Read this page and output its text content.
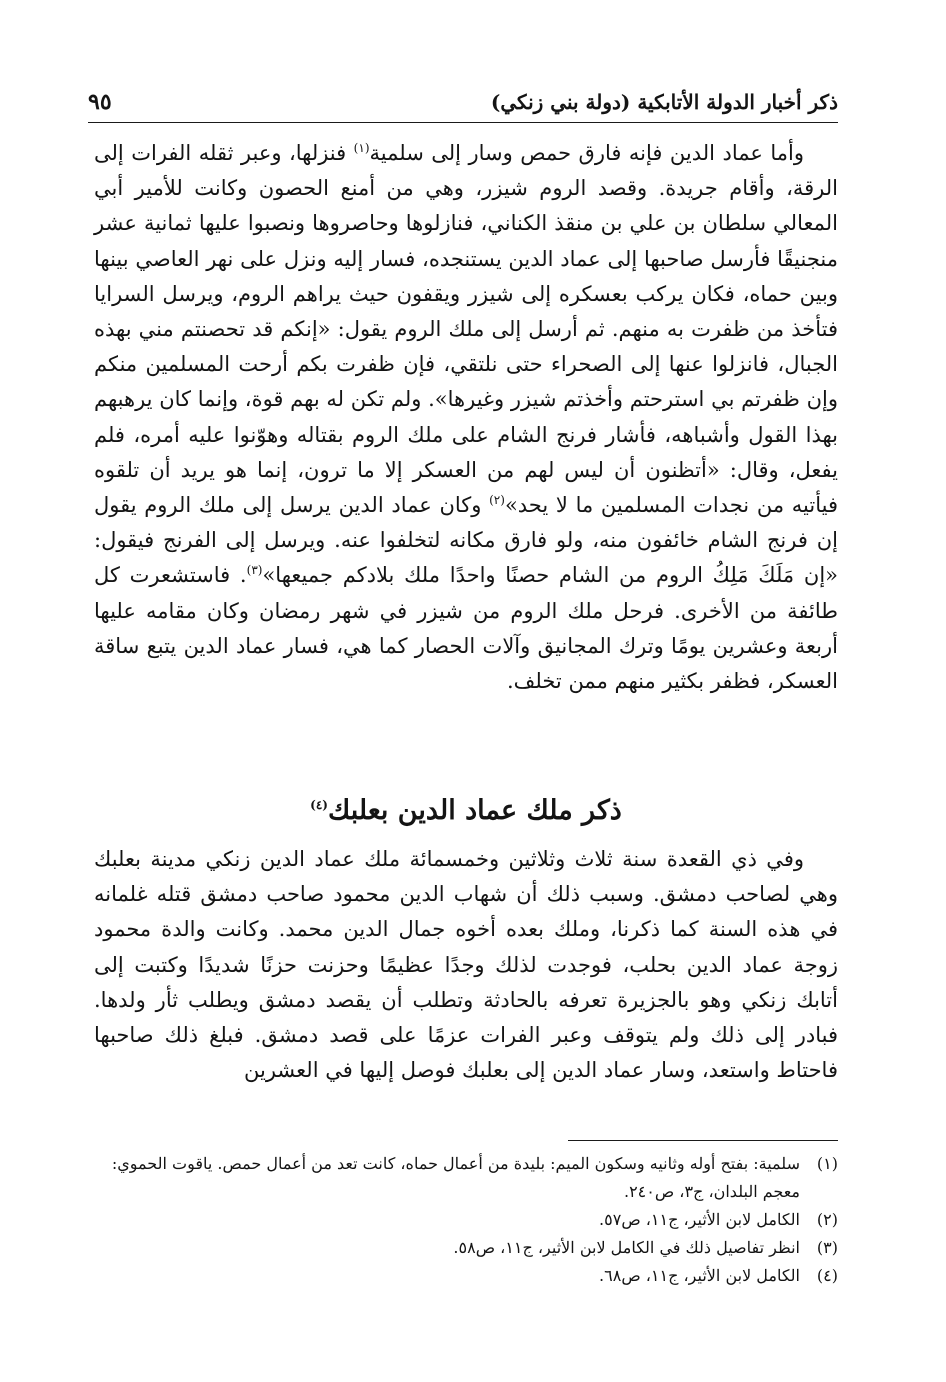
ذكر أخبار الدولة الأتابكية (دولة بني زنكي)
٩٥

وأما عماد الدين فإنه فارق حمص وسار إلى سلمية$^{(١)}$ فنزلها، وعبر ثقله الفرات إلى الرقة، وأقام جريدة. وقصد الروم شيزر، وهي من أمنع الحصون وكانت للأمير أبي المعالي سلطان بن علي بن منقذ الكناني، فنازلوها وحاصروها ونصبوا عليها ثمانية عشر منجنيقًا فأرسل صاحبها إلى عماد الدين يستنجده، فسار إليه ونزل على نهر العاصي بينها وبين حماه، فكان يركب بعسكره إلى شيزر ويقفون حيث يراهم الروم، ويرسل السرايا فتأخذ من ظفرت به منهم. ثم أرسل إلى ملك الروم يقول: «إنكم قد تحصنتم مني بهذه الجبال، فانزلوا عنها إلى الصحراء حتى نلتقي، فإن ظفرت بكم أرحت المسلمين منكم وإن ظفرتم بي استرحتم وأخذتم شيزر وغيرها». ولم تكن له بهم قوة، وإنما كان يرهبهم بهذا القول وأشباهه، فأشار فرنج الشام على ملك الروم بقتاله وهوّنوا عليه أمره، فلم يفعل، وقال: «أتظنون أن ليس لهم من العسكر إلا ما ترون، إنما هو يريد أن تلقوه فيأتيه من نجدات المسلمين ما لا يحد»$^{(٢)}$ وكان عماد الدين يرسل إلى ملك الروم يقول إن فرنج الشام خائفون منه، ولو فارق مكانه لتخلفوا عنه. ويرسل إلى الفرنج فيقول: «إن مَلَكَ مَلِكُ الروم من الشام حصنًا واحدًا ملك بلادكم جميعها»$^{(٣)}$. فاستشعرت كل طائفة من الأخرى. فرحل ملك الروم من شيزر في شهر رمضان وكان مقامه عليها أربعة وعشرين يومًا وترك المجانيق وآلات الحصار كما هي، فسار عماد الدين يتبع ساقة العسكر، فظفر بكثير منهم ممن تخلف.

ذكر ملك عماد الدين بعلبك$^{(٤)}$

وفي ذي القعدة سنة ثلاث وثلاثين وخمسمائة ملك عماد الدين زنكي مدينة بعلبك وهي لصاحب دمشق. وسبب ذلك أن شهاب الدين محمود صاحب دمشق قتله غلمانه في هذه السنة كما ذكرنا، وملك بعده أخوه جمال الدين محمد. وكانت والدة محمود زوجة عماد الدين بحلب، فوجدت لذلك وجدًا عظيمًا وحزنت حزنًا شديدًا وكتبت إلى أتابك زنكي وهو بالجزيرة تعرفه بالحادثة وتطلب أن يقصد دمشق ويطلب ثأر ولدها. فبادر إلى ذلك ولم يتوقف وعبر الفرات عزمًا على قصد دمشق. فبلغ ذلك صاحبها فاحتاط واستعد، وسار عماد الدين إلى بعلبك فوصل إليها في العشرين

(١)
سلمية: بفتح أوله وثانيه وسكون الميم: بليدة من أعمال حماه، كانت تعد من أعمال حمص. ياقوت الحموي: معجم البلدان، ج٣، ص٢٤٠.
(٢)
الكامل لابن الأثير، ج١١، ص٥٧.
(٣)
انظر تفاصيل ذلك في الكامل لابن الأثير، ج١١، ص٥٨.
(٤)
الكامل لابن الأثير، ج١١، ص٦٨.
